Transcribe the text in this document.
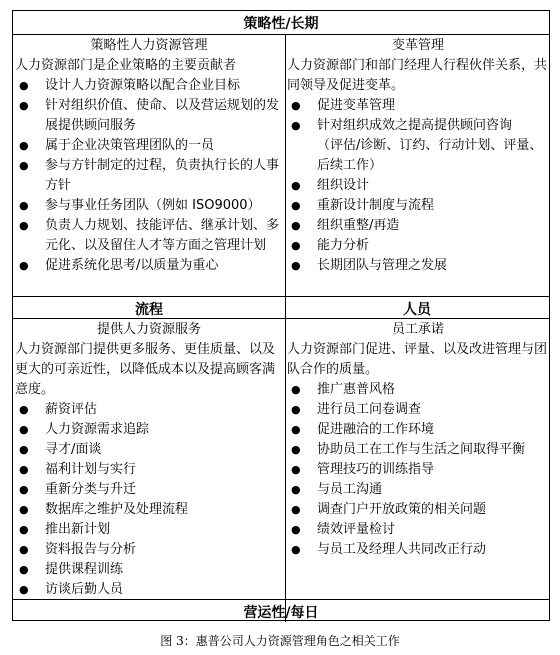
策略性/长期
策略性人力资源管理
人力资源部门是企业策略的主要贡献者
● 设计人力资源策略以配合企业目标
● 针对组织价值、使命、以及营运规划的发展提供顾问服务
● 属于企业决策管理团队的一员
● 参与方针制定的过程，负责执行长的人事方针
● 参与事业任务团队（例如 ISO9000）
● 负责人力规划、技能评估、继承计划、多元化、以及留住人才等方面之管理计划
● 促进系统化思考/以质量为重心
变革管理
人力资源部门和部门经理人行程伙伴关系，共同领导及促进变革。
● 促进变革管理
● 针对组织成效之提高提供顾问咨询
（评估/诊断、订约、行动计划、评量、后续工作）
● 组织设计
● 重新设计制度与流程
● 组织重整/再造
● 能力分析
● 长期团队与管理之发展
流程	人员
提供人力资源服务
人力资源部门提供更多服务、更佳质量、以及更大的可亲近性，以降低成本以及提高顾客满意度。
● 薪资评估
● 人力资源需求追踪
● 寻才/面谈
● 福利计划与实行
● 重新分类与升迁
● 数据库之维护及处理流程
● 推出新计划
● 资料报告与分析
● 提供课程训练
● 访谈后勤人员
员工承诺
人力资源部门促进、评量、以及改进管理与团队合作的质量。
● 推广惠普风格
● 进行员工问卷调查
● 促进融洽的工作环境
● 协助员工在工作与生活之间取得平衡
● 管理技巧的训练指导
● 与员工沟通
● 调查门户开放政策的相关问题
● 绩效评量检讨
● 与员工及经理人共同改正行动
营运性/每日
图 3：惠普公司人力资源管理角色之相关工作
